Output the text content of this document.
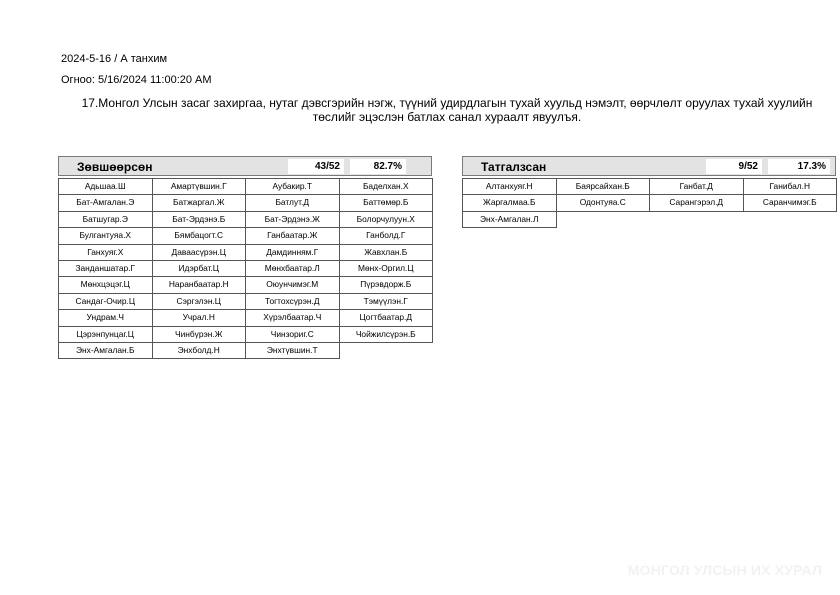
2024-5-16 / А танхим
Огноо: 5/16/2024 11:00:20 AM
17.Монгол Улсын засаг захиргаа, нутаг дэвсгэрийн нэгж, түүний удирдлагын тухай хуульд нэмэлт, өөрчлөлт оруулах тухай хуулийн төслийг эцэслэн батлах санал хураалт явуулъя.
Зөвшөөрсөн	43/52	82.7%
Адьшаа.Ш	Амартүвшин.Г	Аубакир.Т	Баделхан.Х
Бат-Амгалан.Э	Батжаргал.Ж	Батлут.Д	Баттөмөр.Б
Батшугар.Э	Бат-Эрдэнэ.Б	Бат-Эрдэнэ.Ж	Болорчулуун.Х
Булгантуяа.Х	Бямбацогт.С	Ганбаатар.Ж	Ганболд.Г
Ганхуяг.Х	Даваасүрэн.Ц	Дамдинням.Г	Жавхлан.Б
Занданшатар.Г	Идэрбат.Ц	Мөнхбаатар.Л	Мөнх-Оргил.Ц
Мөнхцэцэг.Ц	Наранбаатар.Н	Оюунчимэг.М	Пүрэвдорж.Б
Сандаг-Очир.Ц	Сэргэлэн.Ц	Тогтохсүрэн.Д	Тэмүүлэн.Г
Ундрам.Ч	Учрал.Н	Хүрэлбаатар.Ч	Цогтбаатар.Д
Цэрэнпунцаг.Ц	Чинбүрэн.Ж	Чинзориг.С	Чойжилсүрэн.Б
Энх-Амгалан.Б	Энхболд.Н	Энхтүвшин.Т
Татгалзсан	9/52	17.3%
Алтанхуяг.Н	Баярсайхан.Б	Ганбат.Д	Ганибал.Н
Жаргалмаа.Б	Одонтуяа.С	Сарангэрэл.Д	Саранчимэг.Б
Энх-Амгалан.Л
МОНГОЛ УЛСЫН ИХ ХУРАЛ
